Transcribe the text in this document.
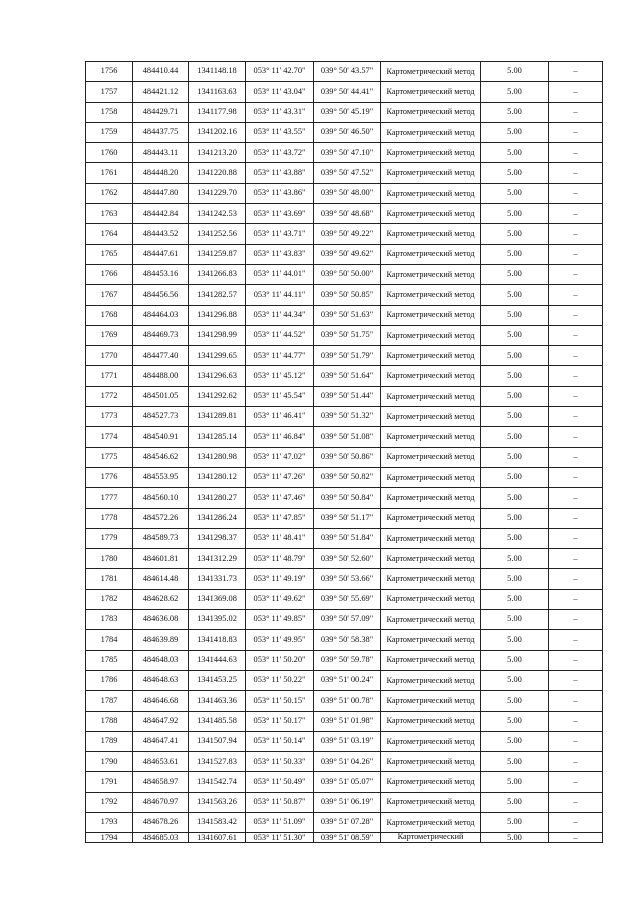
1756	484410.44	1341148.18	053° 11' 42.70"	039° 50' 43.57"	Картометрический метод	5.00	–
1757	484421.12	1341163.63	053° 11' 43.04"	039° 50' 44.41"	Картометрический метод	5.00	–
1758	484429.71	1341177.98	053° 11' 43.31"	039° 50' 45.19"	Картометрический метод	5.00	–
1759	484437.75	1341202.16	053° 11' 43.55"	039° 50' 46.50"	Картометрический метод	5.00	–
1760	484443.11	1341213.20	053° 11' 43.72"	039° 50' 47.10"	Картометрический метод	5.00	–
1761	484448.20	1341220.88	053° 11' 43.88"	039° 50' 47.52"	Картометрический метод	5.00	–
1762	484447.80	1341229.70	053° 11' 43.86"	039° 50' 48.00"	Картометрический метод	5.00	–
1763	484442.84	1341242.53	053° 11' 43.69"	039° 50' 48.68"	Картометрический метод	5.00	–
1764	484443.52	1341252.56	053° 11' 43.71"	039° 50' 49.22"	Картометрический метод	5.00	–
1765	484447.61	1341259.87	053° 11' 43.83"	039° 50' 49.62"	Картометрический метод	5.00	–
1766	484453.16	1341266.83	053° 11' 44.01"	039° 50' 50.00"	Картометрический метод	5.00	–
1767	484456.56	1341282.57	053° 11' 44.11"	039° 50' 50.85"	Картометрический метод	5.00	–
1768	484464.03	1341296.88	053° 11' 44.34"	039° 50' 51.63"	Картометрический метод	5.00	–
1769	484469.73	1341298.99	053° 11' 44.52"	039° 50' 51.75"	Картометрический метод	5.00	–
1770	484477.40	1341299.65	053° 11' 44.77"	039° 50' 51.79"	Картометрический метод	5.00	–
1771	484488.00	1341296.63	053° 11' 45.12"	039° 50' 51.64"	Картометрический метод	5.00	–
1772	484501.05	1341292.62	053° 11' 45.54"	039° 50' 51.44"	Картометрический метод	5.00	–
1773	484527.73	1341289.81	053° 11' 46.41"	039° 50' 51.32"	Картометрический метод	5.00	–
1774	484540.91	1341285.14	053° 11' 46.84"	039° 50' 51.08"	Картометрический метод	5.00	–
1775	484546.62	1341280.98	053° 11' 47.02"	039° 50' 50.86"	Картометрический метод	5.00	–
1776	484553.95	1341280.12	053° 11' 47.26"	039° 50' 50.82"	Картометрический метод	5.00	–
1777	484560.10	1341280.27	053° 11' 47.46"	039° 50' 50.84"	Картометрический метод	5.00	–
1778	484572.26	1341286.24	053° 11' 47.85"	039° 50' 51.17"	Картометрический метод	5.00	–
1779	484589.73	1341298.37	053° 11' 48.41"	039° 50' 51.84"	Картометрический метод	5.00	–
1780	484601.81	1341312.29	053° 11' 48.79"	039° 50' 52.60"	Картометрический метод	5.00	–
1781	484614.48	1341331.73	053° 11' 49.19"	039° 50' 53.66"	Картометрический метод	5.00	–
1782	484628.62	1341369.08	053° 11' 49.62"	039° 50' 55.69"	Картометрический метод	5.00	–
1783	484636.08	1341395.02	053° 11' 49.85"	039° 50' 57.09"	Картометрический метод	5.00	–
1784	484639.89	1341418.83	053° 11' 49.95"	039° 50' 58.38"	Картометрический метод	5.00	–
1785	484648.03	1341444.63	053° 11' 50.20"	039° 50' 59.78"	Картометрический метод	5.00	–
1786	484648.63	1341453.25	053° 11' 50.22"	039° 51' 00.24"	Картометрический метод	5.00	–
1787	484646.68	1341463.36	053° 11' 50.15"	039° 51' 00.78"	Картометрический метод	5.00	–
1788	484647.92	1341485.58	053° 11' 50.17"	039° 51' 01.98"	Картометрический метод	5.00	–
1789	484647.41	1341507.94	053° 11' 50.14"	039° 51' 03.19"	Картометрический метод	5.00	–
1790	484653.61	1341527.83	053° 11' 50.33"	039° 51' 04.26"	Картометрический метод	5.00	–
1791	484658.97	1341542.74	053° 11' 50.49"	039° 51' 05.07"	Картометрический метод	5.00	–
1792	484670.97	1341563.26	053° 11' 50.87"	039° 51' 06.19"	Картометрический метод	5.00	–
1793	484678.26	1341583.42	053° 11' 51.09"	039° 51' 07.28"	Картометрический метод	5.00	–
1794	484685.03	1341607.61	053° 11' 51.30"	039° 51' 08.59"	Картометрический	5.00	–
